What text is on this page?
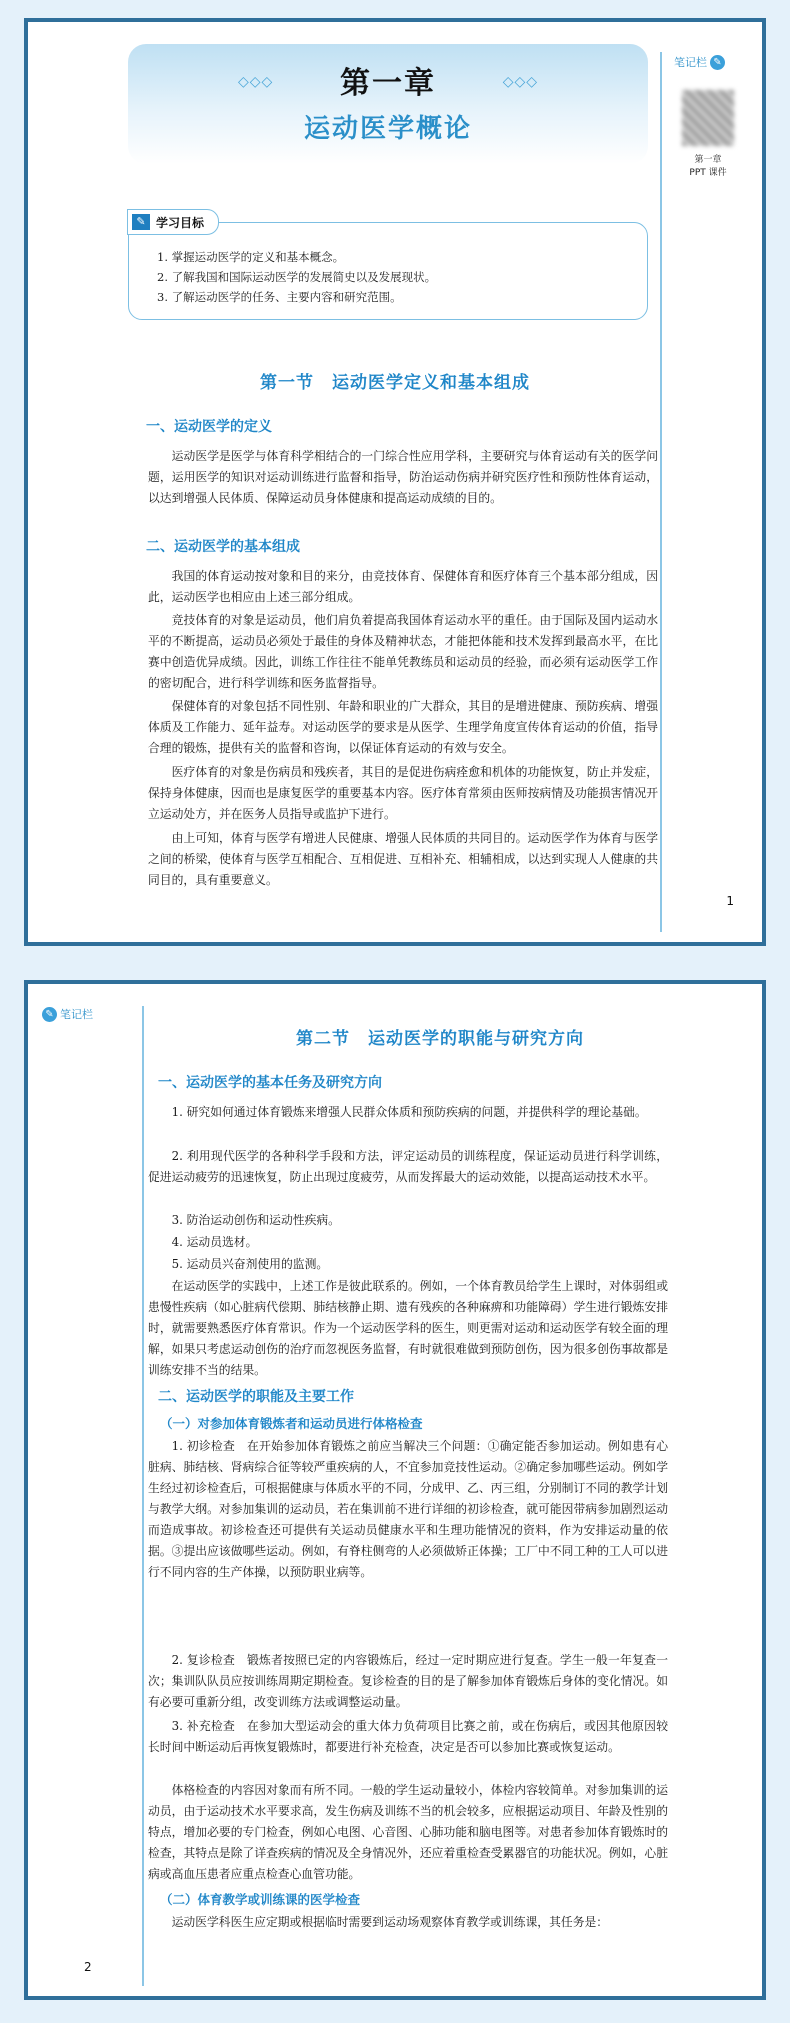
◇◇◇	◇◇◇
第一章
运动医学概论
笔记栏 ✎
第一章
PPT 课件
✎ 学习目标
1. 掌握运动医学的定义和基本概念。
2. 了解我国和国际运动医学的发展简史以及发展现状。
3. 了解运动医学的任务、主要内容和研究范围。
第一节　运动医学定义和基本组成
一、运动医学的定义

运动医学是医学与体育科学相结合的一门综合性应用学科，主要研究与体育运动有关的医学问题，运用医学的知识对运动训练进行监督和指导，防治运动伤病并研究医疗性和预防性体育运动，以达到增强人民体质、保障运动员身体健康和提高运动成绩的目的。

二、运动医学的基本组成

我国的体育运动按对象和目的来分，由竞技体育、保健体育和医疗体育三个基本部分组成，因此，运动医学也相应由上述三部分组成。

竞技体育的对象是运动员，他们肩负着提高我国体育运动水平的重任。由于国际及国内运动水平的不断提高，运动员必须处于最佳的身体及精神状态，才能把体能和技术发挥到最高水平，在比赛中创造优异成绩。因此，训练工作往往不能单凭教练员和运动员的经验，而必须有运动医学工作的密切配合，进行科学训练和医务监督指导。

保健体育的对象包括不同性别、年龄和职业的广大群众，其目的是增进健康、预防疾病、增强体质及工作能力、延年益寿。对运动医学的要求是从医学、生理学角度宣传体育运动的价值，指导合理的锻炼，提供有关的监督和咨询，以保证体育运动的有效与安全。

医疗体育的对象是伤病员和残疾者，其目的是促进伤病痊愈和机体的功能恢复，防止并发症，保持身体健康，因而也是康复医学的重要基本内容。医疗体育常须由医师按病情及功能损害情况开立运动处方，并在医务人员指导或监护下进行。

由上可知，体育与医学有增进人民健康、增强人民体质的共同目的。运动医学作为体育与医学之间的桥梁，使体育与医学互相配合、互相促进、互相补充、相辅相成，以达到实现人人健康的共同目的，具有重要意义。

1
✎ 笔记栏
第二节　运动医学的职能与研究方向
一、运动医学的基本任务及研究方向

1. 研究如何通过体育锻炼来增强人民群众体质和预防疾病的问题，并提供科学的理论基础。

2. 利用现代医学的各种科学手段和方法，评定运动员的训练程度，保证运动员进行科学训练，促进运动疲劳的迅速恢复，防止出现过度疲劳，从而发挥最大的运动效能，以提高运动技术水平。

3. 防治运动创伤和运动性疾病。

4. 运动员选材。

5. 运动员兴奋剂使用的监测。

在运动医学的实践中，上述工作是彼此联系的。例如，一个体育教员给学生上课时，对体弱组或患慢性疾病（如心脏病代偿期、肺结核静止期、遗有残疾的各种麻痹和功能障碍）学生进行锻炼安排时，就需要熟悉医疗体育常识。作为一个运动医学科的医生，则更需对运动和运动医学有较全面的理解，如果只考虑运动创伤的治疗而忽视医务监督，有时就很难做到预防创伤，因为很多创伤事故都是训练安排不当的结果。

二、运动医学的职能及主要工作
（一）对参加体育锻炼者和运动员进行体格检查

1. 初诊检查　在开始参加体育锻炼之前应当解决三个问题：①确定能否参加运动。例如患有心脏病、肺结核、肾病综合征等较严重疾病的人，不宜参加竞技性运动。②确定参加哪些运动。例如学生经过初诊检查后，可根据健康与体质水平的不同，分成甲、乙、丙三组，分别制订不同的教学计划与教学大纲。对参加集训的运动员，若在集训前不进行详细的初诊检查，就可能因带病参加剧烈运动而造成事故。初诊检查还可提供有关运动员健康水平和生理功能情况的资料，作为安排运动量的依据。③提出应该做哪些运动。例如，有脊柱侧弯的人必须做矫正体操；工厂中不同工种的工人可以进行不同内容的生产体操，以预防职业病等。

2. 复诊检查　锻炼者按照已定的内容锻炼后，经过一定时期应进行复查。学生一般一年复查一次；集训队队员应按训练周期定期检查。复诊检查的目的是了解参加体育锻炼后身体的变化情况。如有必要可重新分组，改变训练方法或调整运动量。

3. 补充检查　在参加大型运动会的重大体力负荷项目比赛之前，或在伤病后，或因其他原因较长时间中断运动后再恢复锻炼时，都要进行补充检查，决定是否可以参加比赛或恢复运动。

体格检查的内容因对象而有所不同。一般的学生运动量较小，体检内容较简单。对参加集训的运动员，由于运动技术水平要求高，发生伤病及训练不当的机会较多，应根据运动项目、年龄及性别的特点，增加必要的专门检查，例如心电图、心音图、心肺功能和脑电图等。对患者参加体育锻炼时的检查，其特点是除了详查疾病的情况及全身情况外，还应着重检查受累器官的功能状况。例如，心脏病或高血压患者应重点检查心血管功能。

（二）体育教学或训练课的医学检查

运动医学科医生应定期或根据临时需要到运动场观察体育教学或训练课，其任务是：

2
